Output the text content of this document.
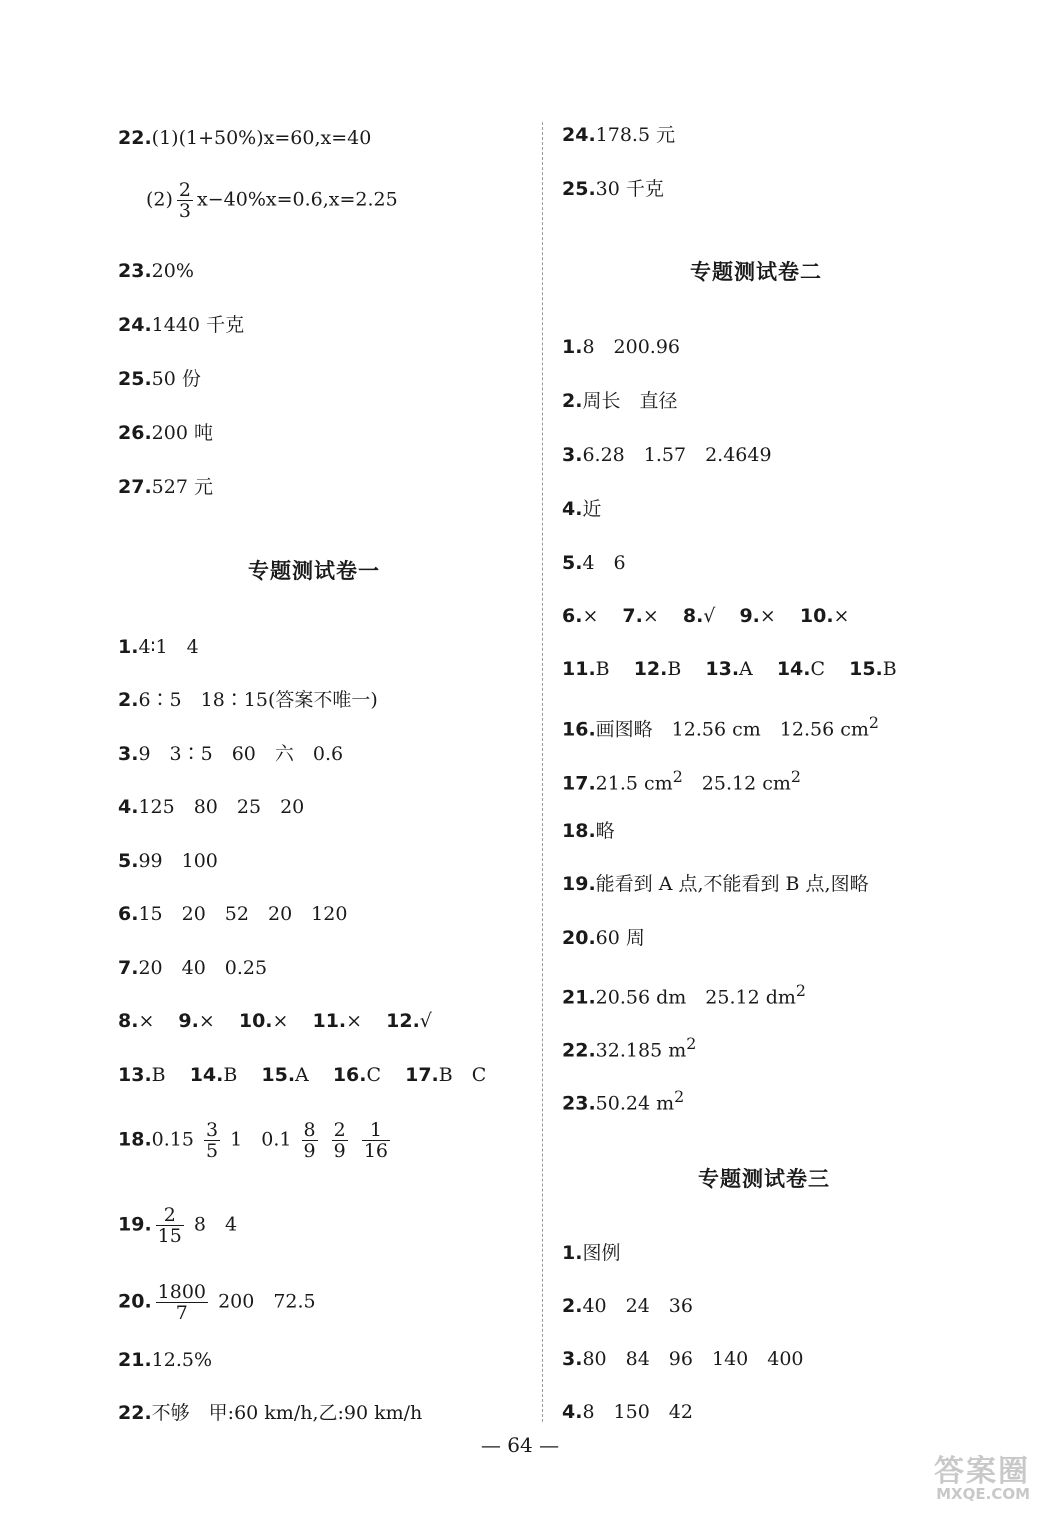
22.(1)(1+50%)x=60,x=40
$(2) \frac{2}{3} x-40\%x=0.6,x=2.25$
23.20%
24.1440 千克
25.50 份
26.200 吨
27.527 元
专题测试卷一
1.4∶1　4
2.6∶5　18∶15(答案不唯一)
3.9　3∶5　60　六　0.6
4.125　80　25　20
5.99　100
6.15　20　52　20　120
7.20　40　0.25
8.× 9.× 10.× 11.× 12.√
13.B 14.B 15.A 16.C 17.B　C
$18.0.15 \frac{3}{5} 1$　$0.1 \frac{8}{9}$
$\frac{2}{9}$
$\frac{1}{16}$
19. $\frac{2}{15} 8$　4
20. $\frac{1800}{7} 200$　72.5
21.12.5%
22.不够　甲:60 km/h,乙:90 km/h
24.178.5 元
25.30 千克
专题测试卷二
1.8　200.96
2.周长　直径
3.6.28　1.57　2.4649
4.近
5.4　6
6.× 7.× 8.√ 9.× 10.×
11.B 12.B 13.A 14.C 15.B
16.画图略　12.56 cm　12.56 $cm^2$
17.21.5 $cm^2$　25.12 $cm^2$
18.略
19.能看到 A 点,不能看到 B 点,图略
20.60 周
21.20.56 dm　25.12 $dm^2$
22.32.185 $m^2$
23.50.24 $m^2$
专题测试卷三
1.图例
2.40　24　36
3.80　84　96　140　400
4.8　150　42
— 64 —
答案圈
MXQE.COM
